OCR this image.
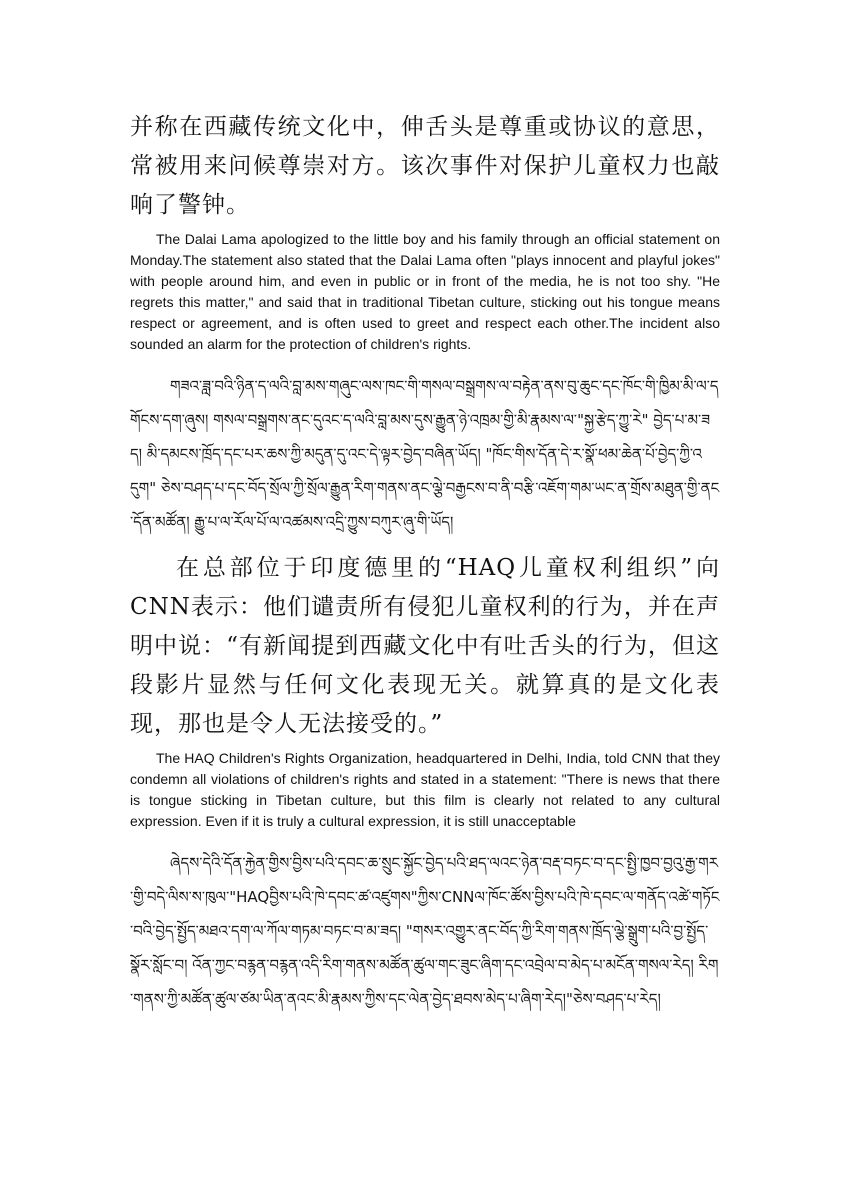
并称在西藏传统文化中，伸舌头是尊重或协议的意思，常被用来问候尊崇对方。该次事件对保护儿童权力也敲响了警钟。

The Dalai Lama apologized to the little boy and his family through an official statement on Monday.The statement also stated that the Dalai Lama often "plays innocent and playful jokes" with people around him, and even in public or in front of the media, he is not too shy. "He regrets this matter," and said that in traditional Tibetan culture, sticking out his tongue means respect or agreement, and is often used to greet and respect each other.The incident also sounded an alarm for the protection of children's rights.

གཟའ་ཟླ་བའི་ཉིན་ད་ལའི་བླ་མས་གཞུང་ལས་ཁང་གི་གསལ་བསྒྲགས་ལ་བརྟེན་ནས་བུ་ཆུང་དང་ཁོང་གི་ཁྱིམ་མི་ལ་དགོངས་དག་ཞུས། གསལ་བསྒྲགས་ནང་དུའང་ད་ལའི་བླ་མས་དུས་རྒྱུན་ཉེ་འཁྲམ་གྱི་མི་རྣམས་ལ་"སྐྱ་རྩེད་ཀྱུ་རེ" བྱེད་པ་མ་ཟད། མི་དམངས་ཁྲོད་དང་པར་ཆས་ཀྱི་མདུན་དུ་འང་དེ་ལྟར་བྱེད་བཞིན་ཡོད། "ཁོང་གིས་དོན་དེ་ར་སྣོ་ཕམ་ཆེན་པོ་བྱེད་ཀྱི་འདུག" ཅེས་བཤད་པ་དང་བོད་སྲོལ་ཀྱི་སྲོལ་རྒྱུན་རིག་གནས་ནང་ལྕེ་བརྒྱངས་བ་ནི་བརྩི་འཇོག་གམ་ཡང་ན་གྲོས་མཐུན་གྱི་ནང་དོན་མཚོན། རྒྱུ་པ་ལ་རོལ་པོ་ལ་འཚམས་འདྲི་ཀྱུས་བཀུར་ཞུ་གི་ཡོད།

在总部位于印度德里的“HAQ儿童权利组织”向CNN表示：他们谴责所有侵犯儿童权利的行为，并在声明中说：“有新闻提到西藏文化中有吐舌头的行为，但这段影片显然与任何文化表现无关。就算真的是文化表现，那也是令人无法接受的。”

The HAQ Children's Rights Organization, headquartered in Delhi, India, told CNN that they condemn all violations of children's rights and stated in a statement: "There is news that there is tongue sticking in Tibetan culture, but this film is clearly not related to any cultural expression. Even if it is truly a cultural expression, it is still unacceptable

ཞེདས་དེའི་དོན་རྐྱེན་གྱིས་བྱིས་པའི་དབང་ཆ་སྲུང་སྐྱོང་བྱེད་པའི་ཐད་ལའང་ཉེན་བརྡ་བཏང་བ་དང་སྤྱི་ཁྱབ་བྱའུ་རྒྱ་གར་གྱི་བདེ་ལིས་ས་ཁུལ་"HAQབྱིས་པའི་ཁེ་དབང་ཚ་འཛུགས"ཀྱིས་CNNལ་ཁོང་ཚོས་བྱིས་པའི་ཁེ་དབང་ལ་གནོད་འཚེ་གཏོང་བའི་བྱེད་སྤྱོད་མཐའ་དག་ལ་ཀོལ་གཏམ་བཏང་བ་མ་ཟད། "གསར་འགྱུར་ནང་བོད་ཀྱི་རིག་གནས་ཁྲོད་ལྕེ་སྒྲུག་པའི་བྱ་སྤྱོད་སྣོར་སློང་བ། འོན་ཀྱང་བརྙན་བརྙན་འདི་རིག་གནས་མཚོན་ཚུལ་གང་ཟུང་ཞིག་དང་འབྲེལ་བ་མེད་པ་མངོན་གསལ་རེད། རིག་གནས་ཀྱི་མཚོན་ཚུལ་ཙམ་ཡིན་ནའང་མི་རྣམས་ཀྱིས་དང་ལེན་བྱེད་ཐབས་མེད་པ་ཞིག་རེད།"ཅེས་བཤད་པ་རེད།
